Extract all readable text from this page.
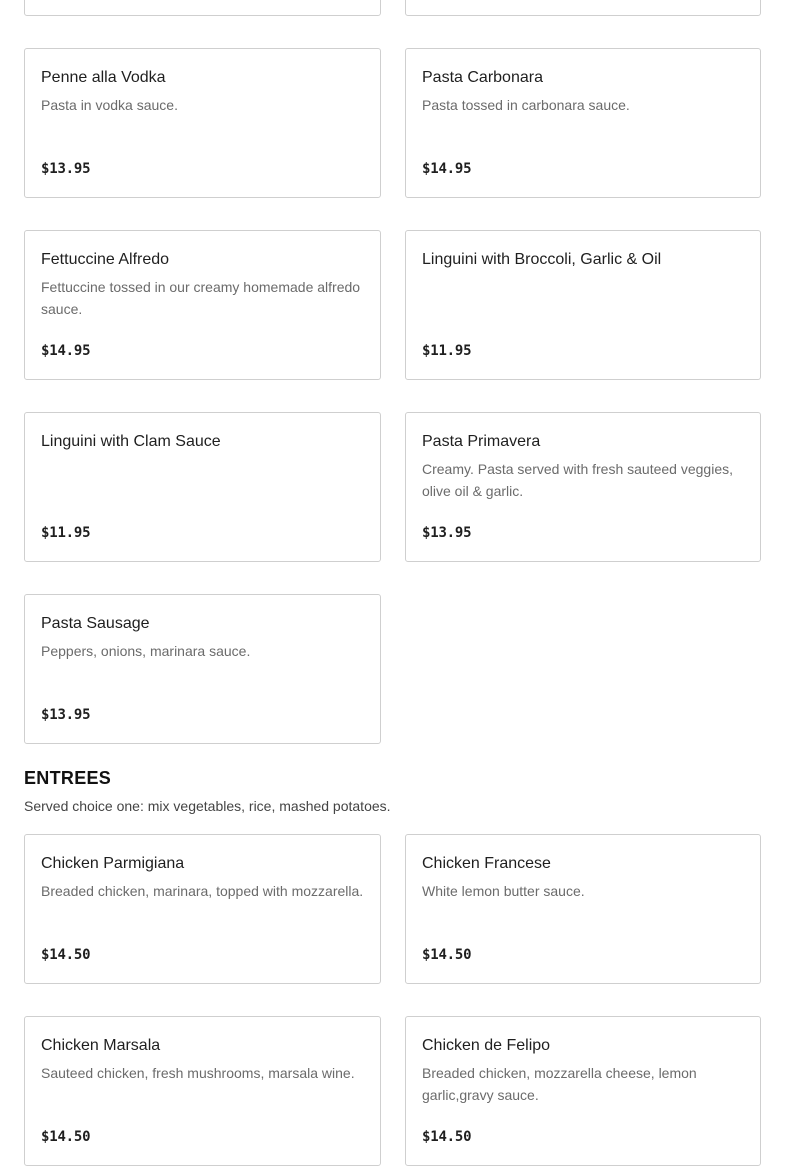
Penne alla Vodka
Pasta in vodka sauce.
$13.95
Pasta Carbonara
Pasta tossed in carbonara sauce.
$14.95
Fettuccine Alfredo
Fettuccine tossed in our creamy homemade alfredo sauce.
$14.95
Linguini with Broccoli, Garlic & Oil
$11.95
Linguini with Clam Sauce
$11.95
Pasta Primavera
Creamy. Pasta served with fresh sauteed veggies, olive oil & garlic.
$13.95
Pasta Sausage
Peppers, onions, marinara sauce.
$13.95
ENTREES
Served choice one: mix vegetables, rice, mashed potatoes.
Chicken Parmigiana
Breaded chicken, marinara, topped with mozzarella.
$14.50
Chicken Francese
White lemon butter sauce.
$14.50
Chicken Marsala
Sauteed chicken, fresh mushrooms, marsala wine.
$14.50
Chicken de Felipo
Breaded chicken, mozzarella cheese, lemon garlic,gravy sauce.
$14.50
